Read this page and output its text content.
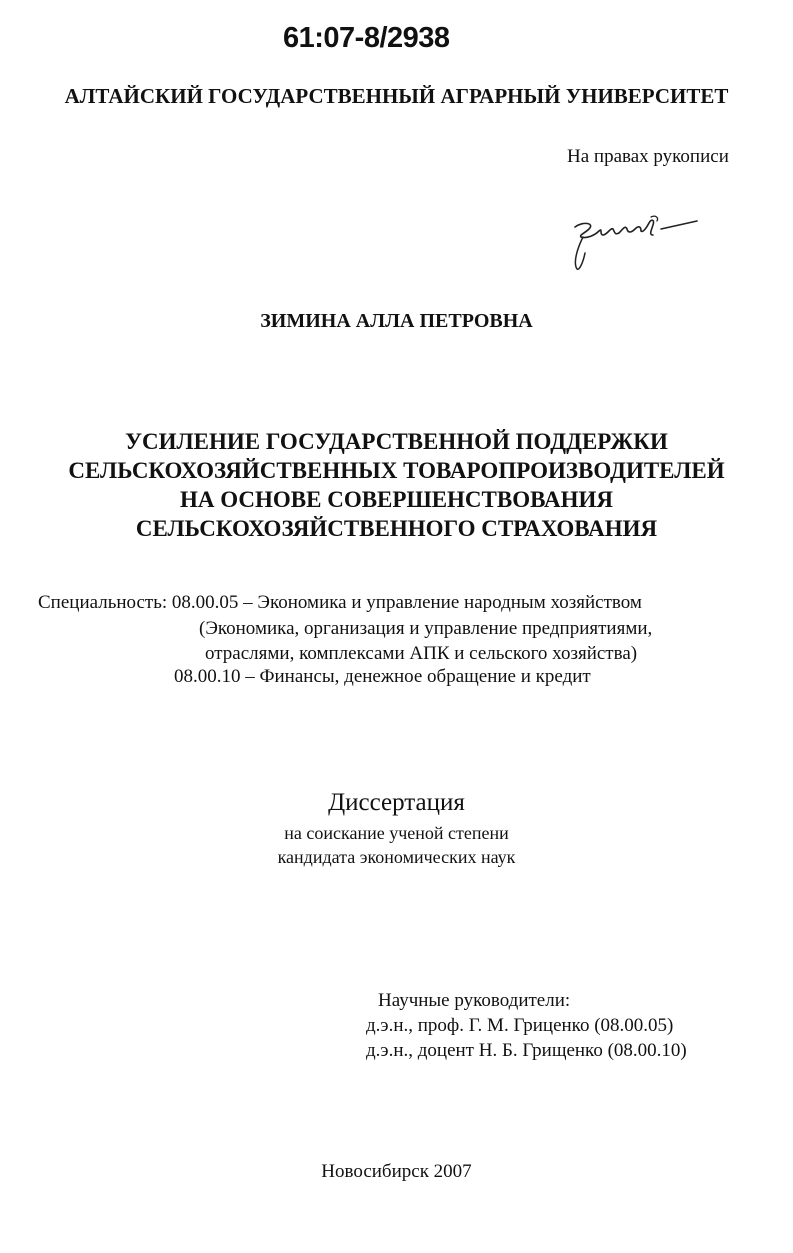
61:07-8/2938
АЛТАЙСКИЙ ГОСУДАРСТВЕННЫЙ АГРАРНЫЙ УНИВЕРСИТЕТ
На правах рукописи
ЗИМИНА АЛЛА ПЕТРОВНА
УСИЛЕНИЕ ГОСУДАРСТВЕННОЙ ПОДДЕРЖКИ
СЕЛЬСКОХОЗЯЙСТВЕННЫХ ТОВАРОПРОИЗВОДИТЕЛЕЙ
НА ОСНОВЕ СОВЕРШЕНСТВОВАНИЯ
СЕЛЬСКОХОЗЯЙСТВЕННОГО СТРАХОВАНИЯ
Специальность: 08.00.05 – Экономика и управление народным хозяйством
(Экономика, организация и управление предприятиями,
отраслями, комплексами АПК и сельского хозяйства)
08.00.10 – Финансы, денежное обращение и кредит
Диссертация
на соискание ученой степени
кандидата экономических наук
Научные руководители:
д.э.н., проф. Г. М. Гриценко (08.00.05)
д.э.н., доцент Н. Б. Грищенко (08.00.10)
Новосибирск 2007
